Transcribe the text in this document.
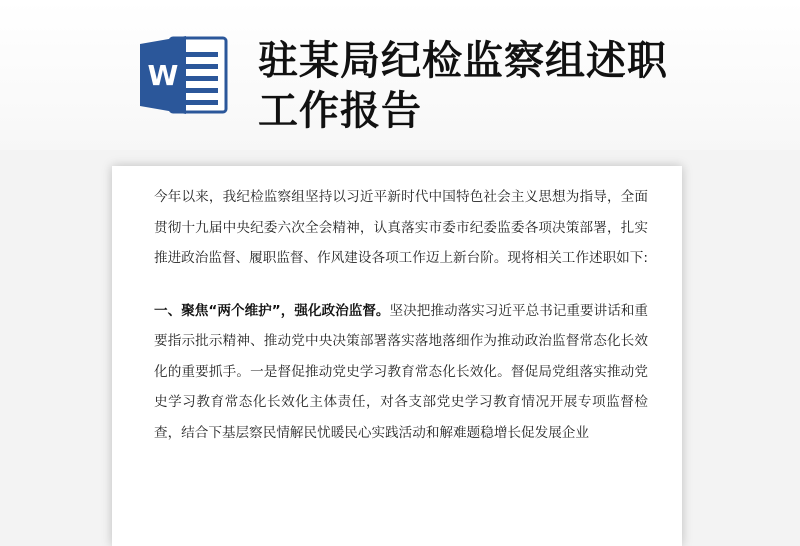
W 驻某局纪检监察组述职工作报告

今年以来，我纪检监察组坚持以习近平新时代中国特色社会主义思想为指导，全面贯彻十九届中央纪委六次全会精神，认真落实市委市纪委监委各项决策部署，扎实推进政治监督、履职监督、作风建设各项工作迈上新台阶。现将相关工作述职如下:

一、聚焦“两个维护”，强化政治监督。坚决把推动落实习近平总书记重要讲话和重要指示批示精神、推动党中央决策部署落实落地落细作为推动政治监督常态化长效化的重要抓手。一是督促推动党史学习教育常态化长效化。督促局党组落实推动党史学习教育常态化长效化主体责任，对各支部党史学习教育情况开展专项监督检查，结合下基层察民情解民忧暖民心实践活动和解难题稳增长促发展企业
